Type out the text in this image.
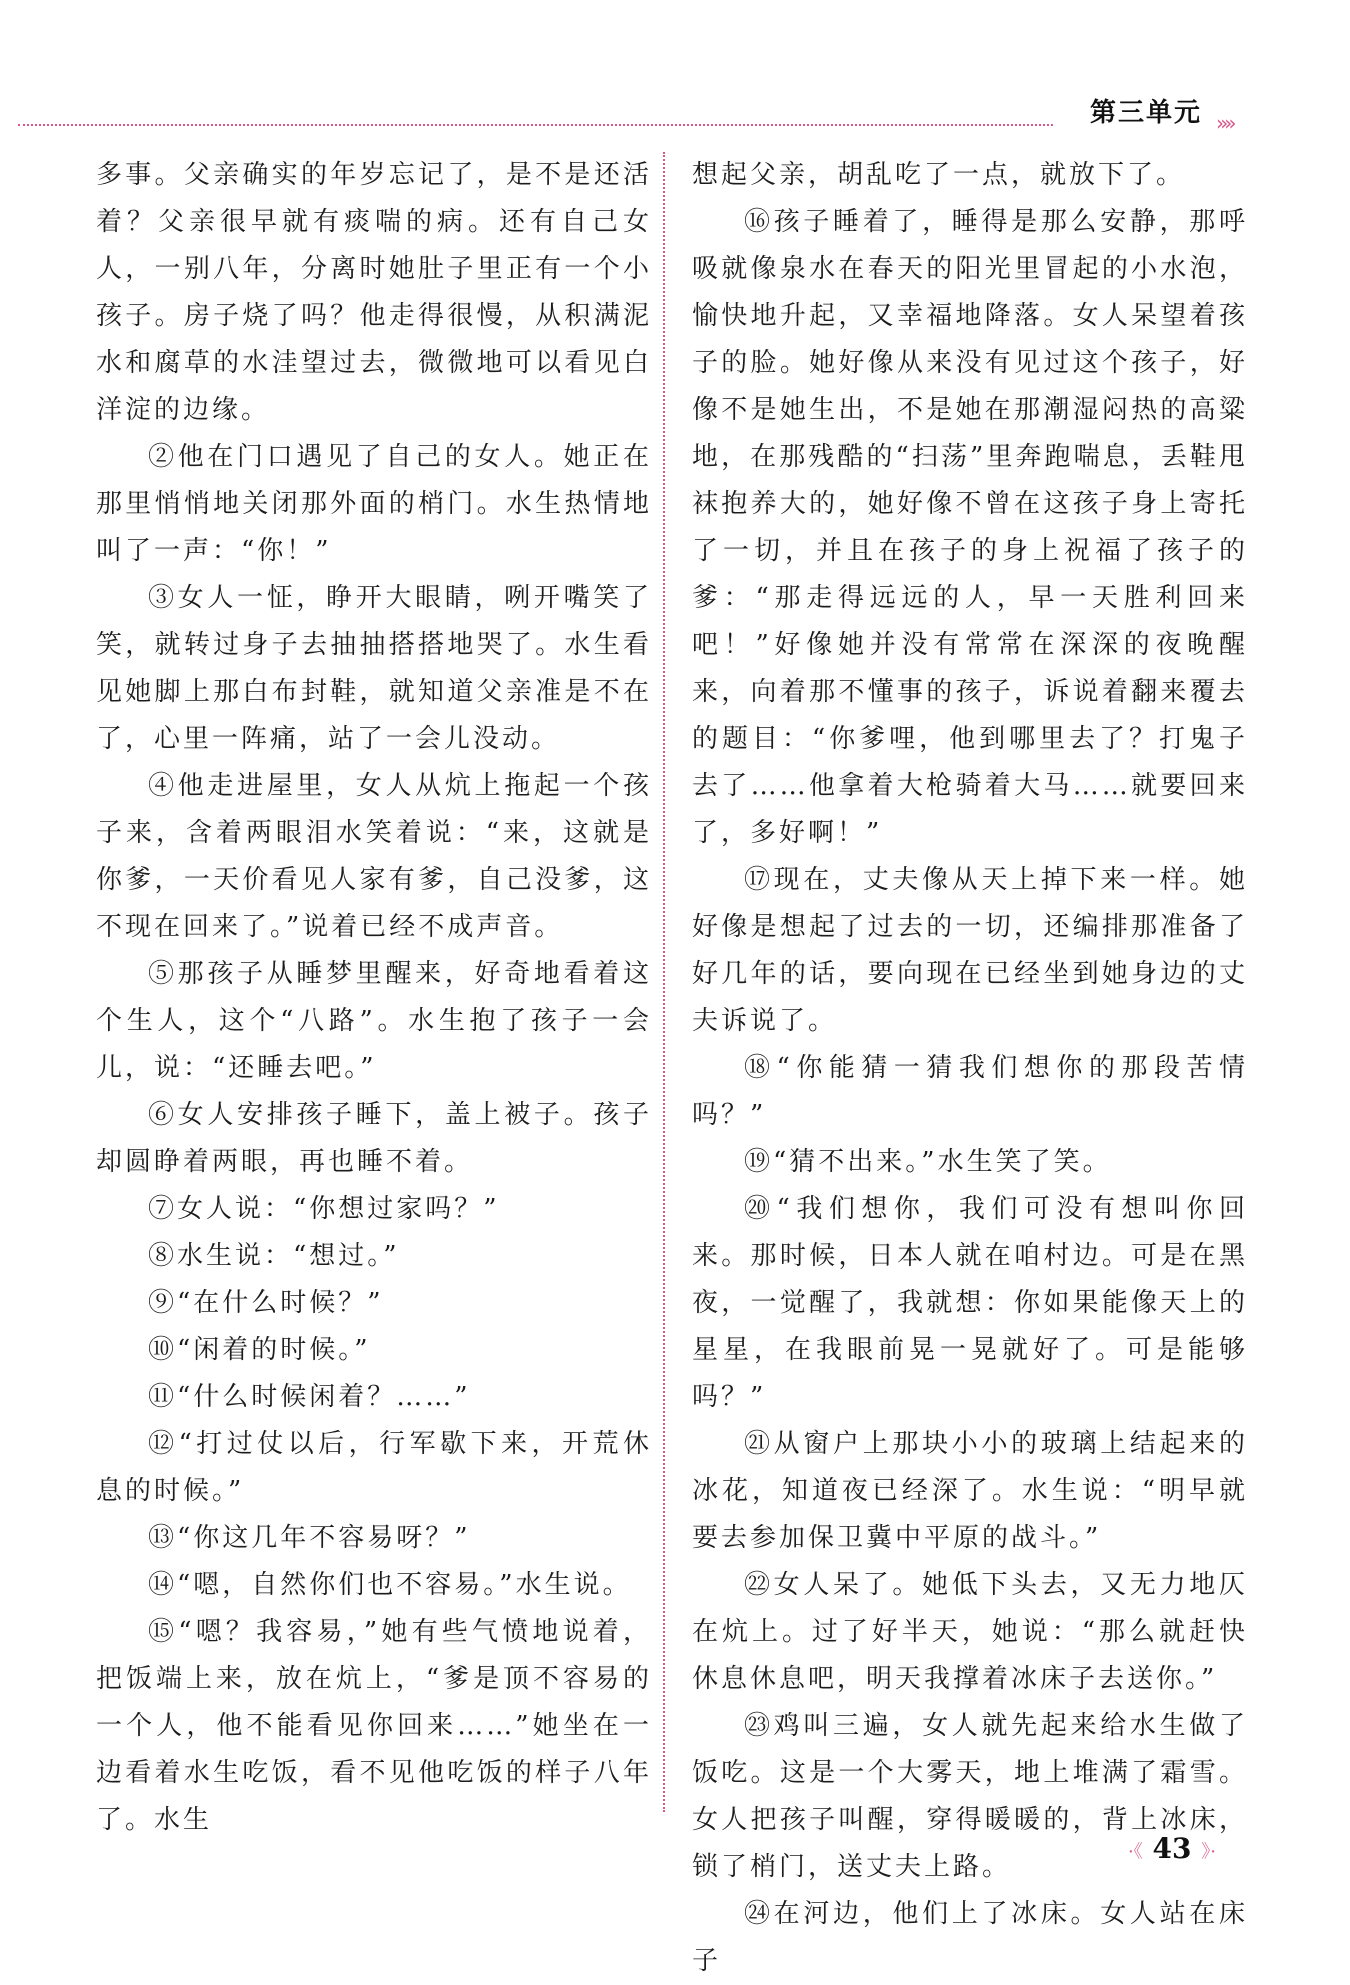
第三单元 »»

多事。父亲确实的年岁忘记了，是不是还活着？父亲很早就有痰喘的病。还有自己女人，一别八年，分离时她肚子里正有一个小孩子。房子烧了吗？他走得很慢，从积满泥水和腐草的水洼望过去，微微地可以看见白洋淀的边缘。

②他在门口遇见了自己的女人。她正在那里悄悄地关闭那外面的梢门。水生热情地叫了一声：“你！”

③女人一怔，睁开大眼睛，咧开嘴笑了笑，就转过身子去抽抽搭搭地哭了。水生看见她脚上那白布封鞋，就知道父亲准是不在了，心里一阵痛，站了一会儿没动。

④他走进屋里，女人从炕上拖起一个孩子来，含着两眼泪水笑着说：“来，这就是你爹，一天价看见人家有爹，自己没爹，这不现在回来了。”说着已经不成声音。

⑤那孩子从睡梦里醒来，好奇地看着这个生人，这个“八路”。水生抱了孩子一会儿，说：“还睡去吧。”

⑥女人安排孩子睡下，盖上被子。孩子却圆睁着两眼，再也睡不着。

⑦女人说：“你想过家吗？”

⑧水生说：“想过。”

⑨“在什么时候？”

⑩“闲着的时候。”

⑪“什么时候闲着？……”

⑫“打过仗以后，行军歇下来，开荒休息的时候。”

⑬“你这几年不容易呀？”

⑭“嗯，自然你们也不容易。”水生说。

⑮“嗯？我容易，”她有些气愤地说着，把饭端上来，放在炕上，“爹是顶不容易的一个人，他不能看见你回来……”她坐在一边看着水生吃饭，看不见他吃饭的样子八年了。水生

想起父亲，胡乱吃了一点，就放下了。

⑯孩子睡着了，睡得是那么安静，那呼吸就像泉水在春天的阳光里冒起的小水泡，愉快地升起，又幸福地降落。女人呆望着孩子的脸。她好像从来没有见过这个孩子，好像不是她生出，不是她在那潮湿闷热的高粱地，在那残酷的“扫荡”里奔跑喘息，丢鞋甩袜抱养大的，她好像不曾在这孩子身上寄托了一切，并且在孩子的身上祝福了孩子的爹：“那走得远远的人，早一天胜利回来吧！”好像她并没有常常在深深的夜晚醒来，向着那不懂事的孩子，诉说着翻来覆去的题目：“你爹哩，他到哪里去了？打鬼子去了……他拿着大枪骑着大马……就要回来了，多好啊！”

⑰现在，丈夫像从天上掉下来一样。她好像是想起了过去的一切，还编排那准备了好几年的话，要向现在已经坐到她身边的丈夫诉说了。

⑱“你能猜一猜我们想你的那段苦情吗？”

⑲“猜不出来。”水生笑了笑。

⑳“我们想你，我们可没有想叫你回来。那时候，日本人就在咱村边。可是在黑夜，一觉醒了，我就想：你如果能像天上的星星，在我眼前晃一晃就好了。可是能够吗？”

㉑从窗户上那块小小的玻璃上结起来的冰花，知道夜已经深了。水生说：“明早就要去参加保卫冀中平原的战斗。”

㉒女人呆了。她低下头去，又无力地仄在炕上。过了好半天，她说：“那么就赶快休息休息吧，明天我撑着冰床子去送你。”

㉓鸡叫三遍，女人就先起来给水生做了饭吃。这是一个大雾天，地上堆满了霜雪。女人把孩子叫醒，穿得暖暖的，背上冰床，锁了梢门，送丈夫上路。

㉔在河边，他们上了冰床。女人站在床子

·《 43 》·
